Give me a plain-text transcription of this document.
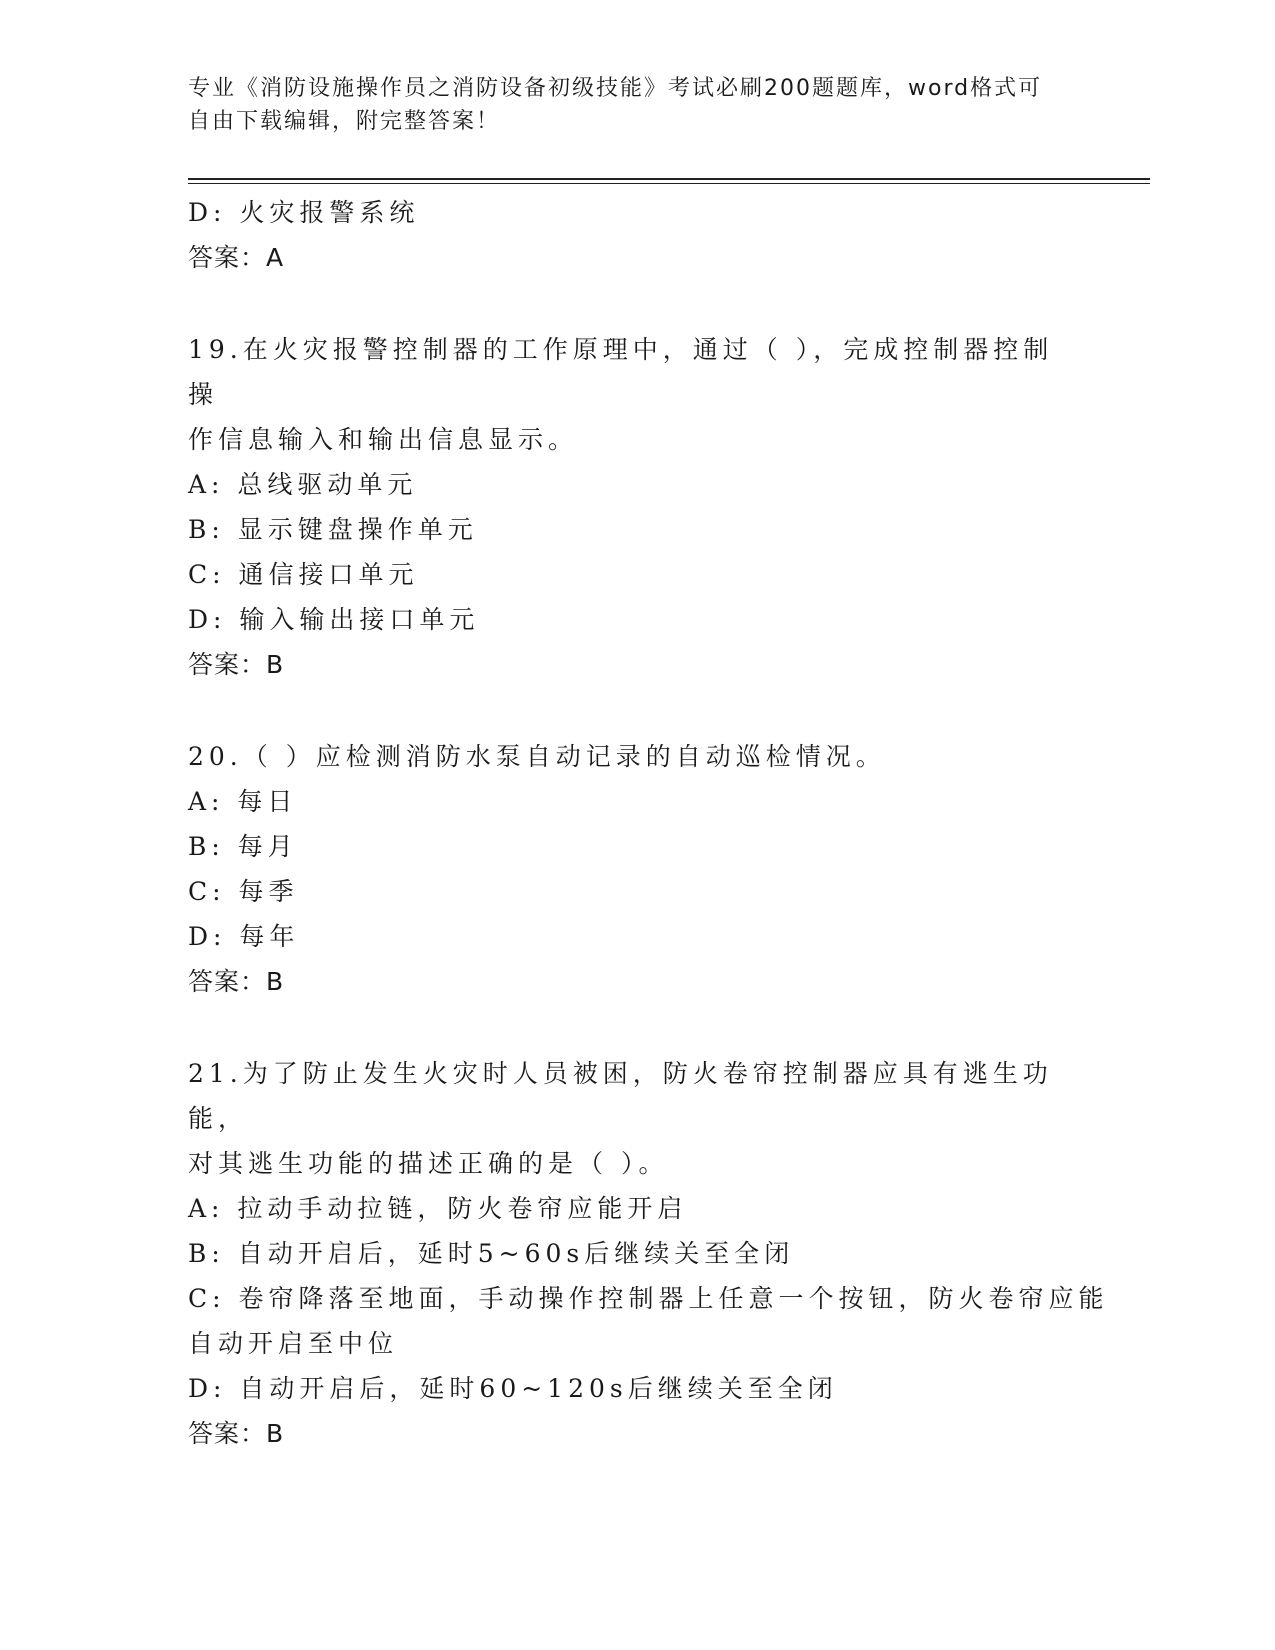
专业《消防设施操作员之消防设备初级技能》考试必刷200题题库，word格式可
自由下载编辑，附完整答案！
D: 火灾报警系统
答案：A
19.在火灾报警控制器的工作原理中，通过（ ），完成控制器控制操
作信息输入和输出信息显示。
A: 总线驱动单元
B: 显示键盘操作单元
C: 通信接口单元
D: 输入输出接口单元
答案：B
20.（ ）应检测消防水泵自动记录的自动巡检情况。
A: 每日
B: 每月
C: 每季
D: 每年
答案：B
21.为了防止发生火灾时人员被困，防火卷帘控制器应具有逃生功能，
对其逃生功能的描述正确的是（ ）。
A: 拉动手动拉链，防火卷帘应能开启
B: 自动开启后，延时5~60s后继续关至全闭
C: 卷帘降落至地面，手动操作控制器上任意一个按钮，防火卷帘应能
自动开启至中位
D: 自动开启后，延时60~120s后继续关至全闭
答案：B
